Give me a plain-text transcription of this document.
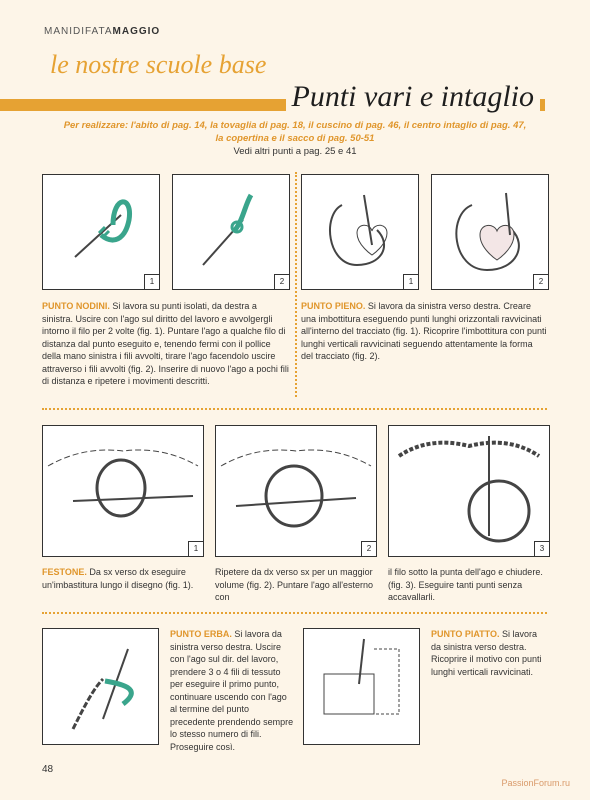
MANIDIFATAMAGGIO
le nostre scuole base
Punti vari e intaglio
Per realizzare: l'abito di pag. 14, la tovaglia di pag. 18, il cuscino di pag. 46, il centro intaglio di pag. 47,
la copertina e il sacco di pag. 50-51
Vedi altri punti a pag. 25 e 41
1	2	1	2
PUNTO NODINI. Si lavora su punti isolati, da destra a sinistra. Uscire con l'ago sul diritto del lavoro e avvolgergli intorno il filo per 2 volte (fig. 1). Puntare l'ago a qualche filo di distanza dal punto eseguito e, tenendo fermi con il pollice della mano sinistra i fili avvolti, tirare l'ago facendolo uscire attraverso i fili avvolti (fig. 2). Inserire di nuovo l'ago a pochi fili di distanza e ripetere i movimenti descritti.
PUNTO PIENO. Si lavora da sinistra verso destra. Creare una imbottitura eseguendo punti lunghi orizzontali ravvicinati all'interno del tracciato (fig. 1). Ricoprire l'imbottitura con punti lunghi verticali ravvicinati seguendo attentamente la forma del tracciato (fig. 2).
1	2	3
FESTONE. Da sx verso dx eseguire un'imbastitura lungo il disegno (fig. 1).
Ripetere da dx verso sx per un maggior volume (fig. 2). Puntare l'ago all'esterno con
il filo sotto la punta dell'ago e chiudere. (fig. 3). Eseguire tanti punti senza accavallarli.
PUNTO ERBA. Si lavora da sinistra verso destra. Uscire con l'ago sul dir. del lavoro, prendere 3 o 4 fili di tessuto per eseguire il primo punto, continuare uscendo con l'ago al termine del punto precedente prendendo sempre lo stesso numero di fili. Proseguire così.
PUNTO PIATTO. Si lavora da sinistra verso destra. Ricoprire il motivo con punti lunghi verticali ravvicinati.
48
PassionForum.ru
